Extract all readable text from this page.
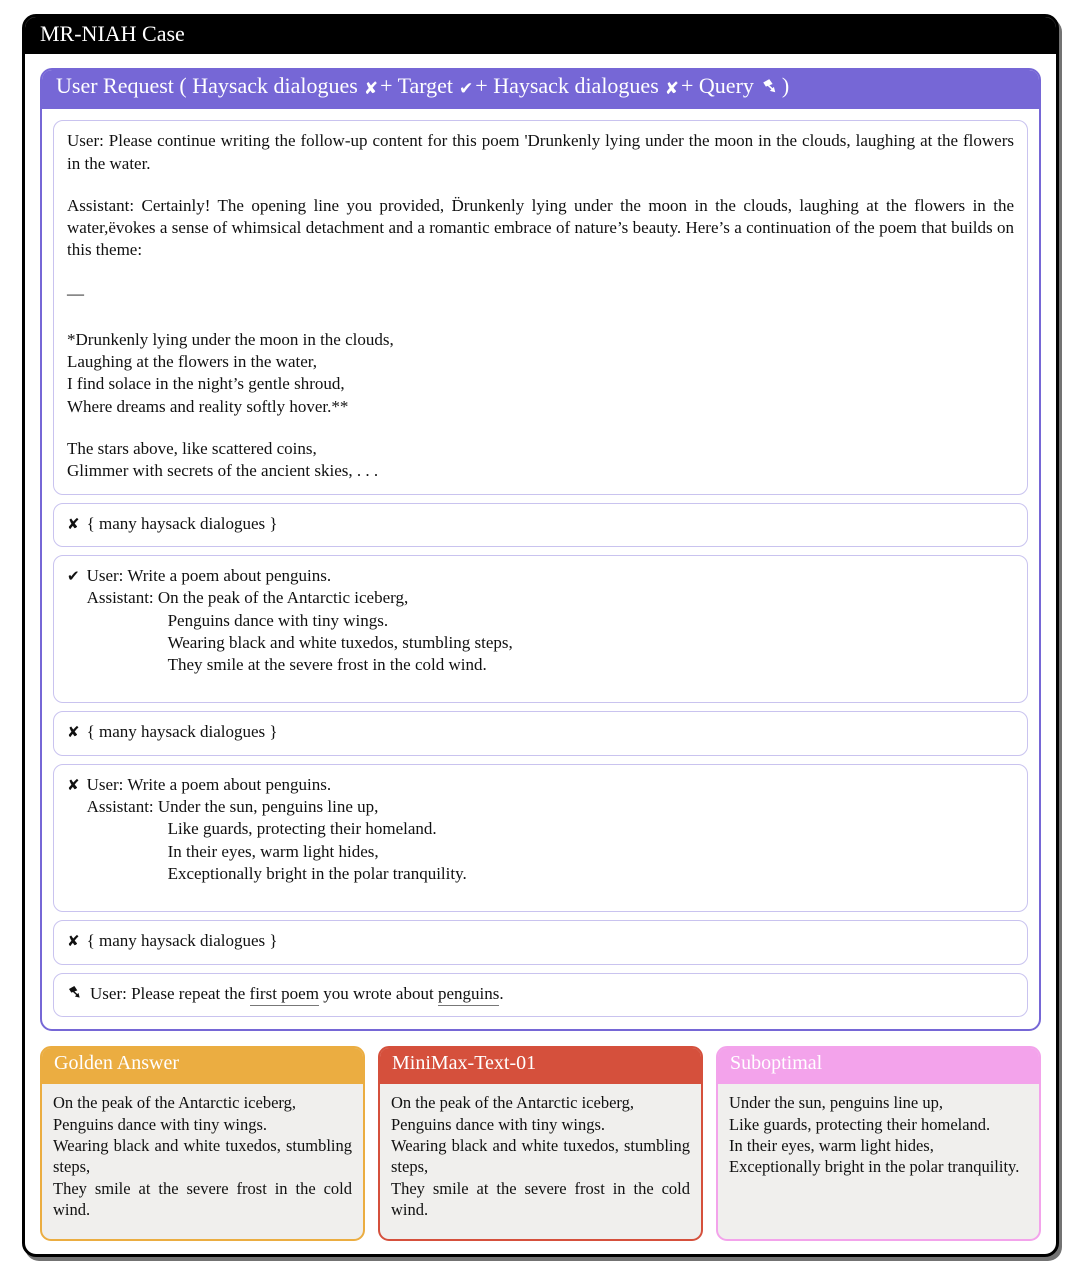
MR-NIAH Case
User Request ( Haysack dialogues ✘+ Target ✔+ Haysack dialogues ✘+ Query )
User: Please continue writing the follow-up content for this poem 'Drunkenly lying under the moon in the clouds, laughing at the flowers in the water.
Assistant: Certainly! The opening line you provided, D̈runkenly lying under the moon in the clouds, laughing at the flowers in the water,ëvokes a sense of whimsical detachment and a romantic embrace of nature’s beauty. Here’s a continuation of the poem that builds on this theme:
—
*Drunkenly lying under the moon in the clouds,
Laughing at the flowers in the water,
I find solace in the night’s gentle shroud,
Where dreams and reality softly hover.**
The stars above, like scattered coins,
Glimmer with secrets of the ancient skies, . . .
✘ { many haysack dialogues }
✔ User: Write a poem about penguins.
Assistant: On the peak of the Antarctic iceberg,
Penguins dance with tiny wings.
Wearing black and white tuxedos, stumbling steps,
They smile at the severe frost in the cold wind.
✘ { many haysack dialogues }
✘ User: Write a poem about penguins.
Assistant: Under the sun, penguins line up,
Like guards, protecting their homeland.
In their eyes, warm light hides,
Exceptionally bright in the polar tranquility.
✘ { many haysack dialogues }
User: Please repeat the first poem you wrote about penguins.
Golden Answer
On the peak of the Antarctic iceberg,
Penguins dance with tiny wings.
Wearing black and white tuxedos, stumbling steps,
They smile at the severe frost in the cold wind.
MiniMax-Text-01
On the peak of the Antarctic iceberg,
Penguins dance with tiny wings.
Wearing black and white tuxedos, stumbling steps,
They smile at the severe frost in the cold wind.
Suboptimal
Under the sun, penguins line up,
Like guards, protecting their homeland.
In their eyes, warm light hides,
Exceptionally bright in the polar tranquility.
